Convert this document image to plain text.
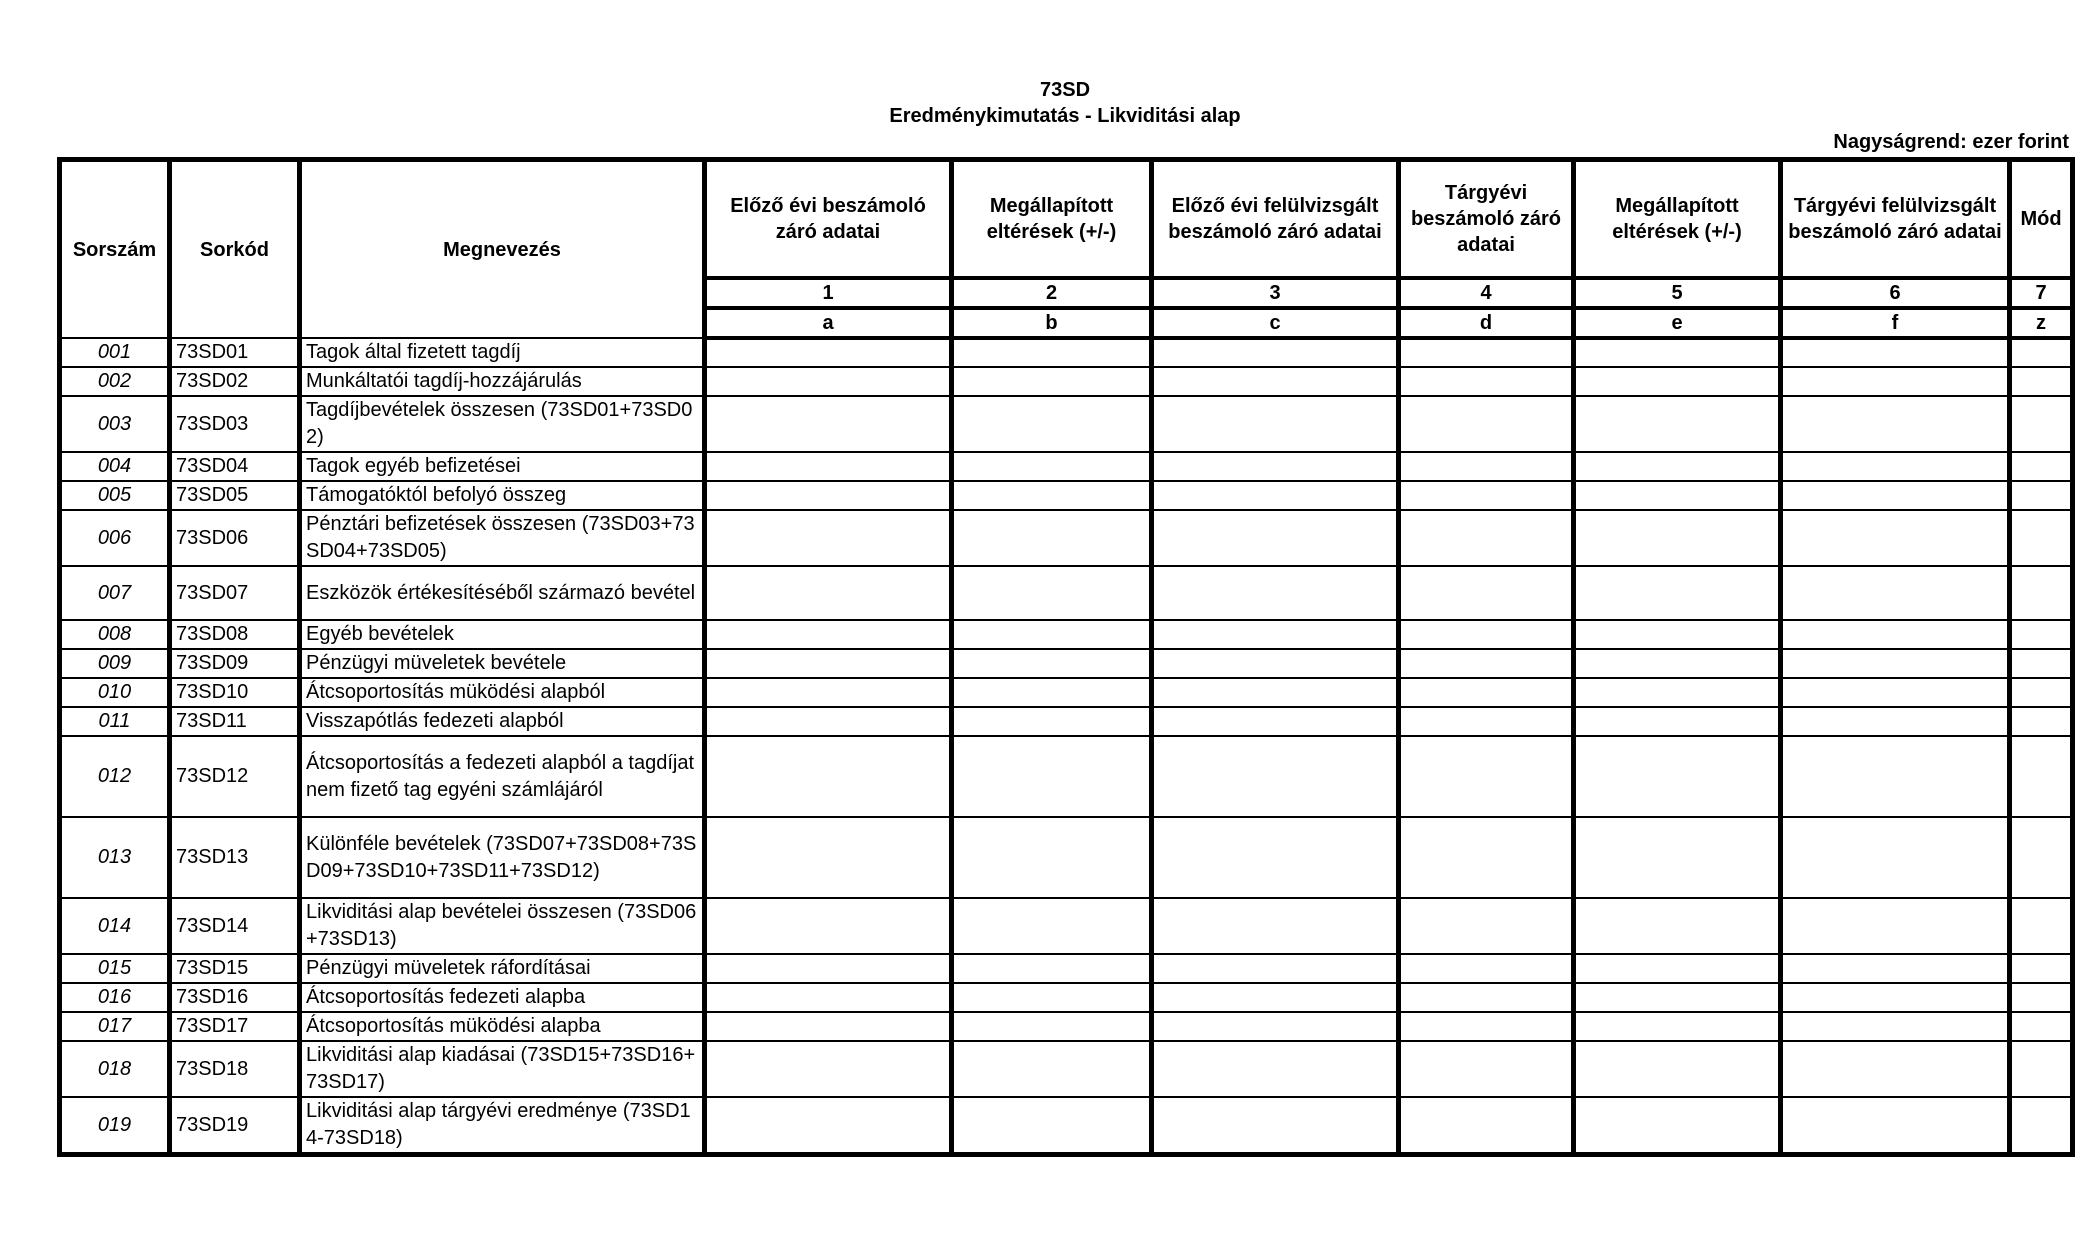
73SD
Eredménykimutatás - Likviditási alap
Nagyságrend: ezer forint
Sorszám	Sorkód	Megnevezés	Előző évi beszámoló záró adatai	Megállapított eltérések (+/-)	Előző évi felülvizsgált beszámoló záró adatai	Tárgyévi beszámoló záró adatai	Megállapított eltérések (+/-)	Tárgyévi felülvizsgált beszámoló záró adatai	Mód
			1	2	3	4	5	6	7
			a	b	c	d	e	f	z
001	73SD01	Tagok által fizetett tagdíj							
002	73SD02	Munkáltatói tagdíj-hozzájárulás							
003	73SD03	Tagdíjbevételek összesen (73SD01+73SD02)							
004	73SD04	Tagok egyéb befizetései							
005	73SD05	Támogatóktól befolyó összeg							
006	73SD06	Pénztári befizetések összesen (73SD03+73SD04+73SD05)							
007	73SD07	Eszközök értékesítéséből származó bevétel							
008	73SD08	Egyéb bevételek							
009	73SD09	Pénzügyi müveletek bevétele							
010	73SD10	Átcsoportosítás müködési alapból							
011	73SD11	Visszapótlás fedezeti alapból							
012	73SD12	Átcsoportosítás a fedezeti alapból a tagdíjat nem fizető tag egyéni számlájáról							
013	73SD13	Különféle bevételek (73SD07+73SD08+73SD09+73SD10+73SD11+73SD12)							
014	73SD14	Likviditási alap bevételei összesen (73SD06+73SD13)							
015	73SD15	Pénzügyi müveletek ráfordításai							
016	73SD16	Átcsoportosítás fedezeti alapba							
017	73SD17	Átcsoportosítás müködési alapba							
018	73SD18	Likviditási alap kiadásai (73SD15+73SD16+73SD17)							
019	73SD19	Likviditási alap tárgyévi eredménye (73SD14-73SD18)							
